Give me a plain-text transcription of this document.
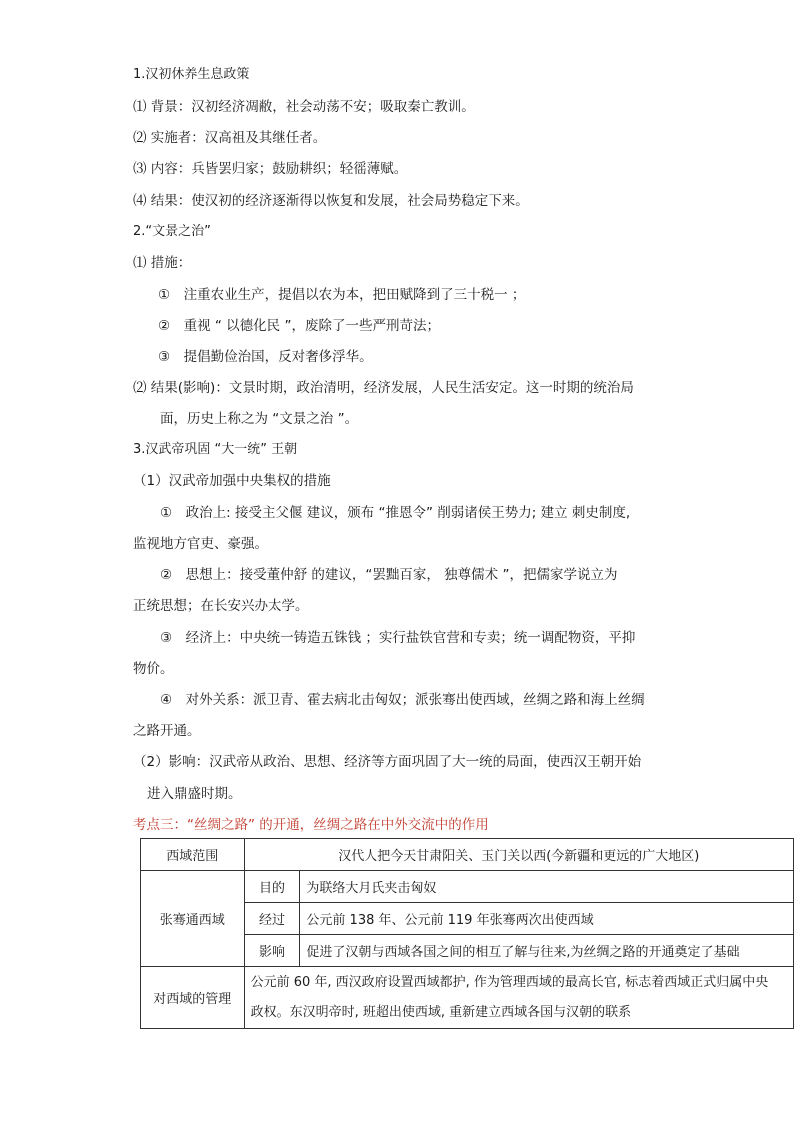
1.汉初休养生息政策
⑴ 背景：汉初经济凋敝，社会动荡不安；吸取秦亡教训。
⑵ 实施者：汉高祖及其继任者。
⑶ 内容：兵皆罢归家；鼓励耕织；轻徭薄赋。
⑷ 结果：使汉初的经济逐渐得以恢复和发展，社会局势稳定下来。
2.“文景之治”
⑴ 措施：
①　注重农业生产，提倡以农为本，把田赋降到了三十税一 ；
②　重视 “ 以德化民 ”，废除了一些严刑苛法；
③　提倡勤俭治国，反对奢侈浮华。
⑵ 结果(影响)：文景时期，政治清明，经济发展，人民生活安定。这一时期的统治局
面，历史上称之为 “文景之治 ”。
3.汉武帝巩固 “大一统” 王朝
（1）汉武帝加强中央集权的措施
①　政治上: 接受主父偃 建议，颁布 “推恩令” 削弱诸侯王势力; 建立 刺史制度,
监视地方官吏、豪强。
②　思想上：接受董仲舒 的建议，“罢黜百家， 独尊儒术 ”，把儒家学说立为
正统思想；在长安兴办太学。
③　经济上：中央统一铸造五铢钱 ；实行盐铁官营和专卖；统一调配物资，平抑
物价。
④　对外关系：派卫青、霍去病北击匈奴；派张骞出使西域，丝绸之路和海上丝绸
之路开通。
（2）影响：汉武帝从政治、思想、经济等方面巩固了大一统的局面，使西汉王朝开始
进入鼎盛时期。
考点三：“丝绸之路” 的开通，丝绸之路在中外交流中的作用
西域范围	汉代人把今天甘肃阳关、玉门关以西(今新疆和更远的广大地区)	
张骞通西域	目的	为联络大月氏夹击匈奴
	经过	公元前 138 年、公元前 119 年张骞两次出使西域
	影响	促进了汉朝与西域各国之间的相互了解与往来,为丝绸之路的开通奠定了基础
对西域的管理	公元前 60 年, 西汉政府设置西域都护, 作为管理西域的最高长官, 标志着西域正式归属中央
政权。东汉明帝时, 班超出使西域, 重新建立西域各国与汉朝的联系	
